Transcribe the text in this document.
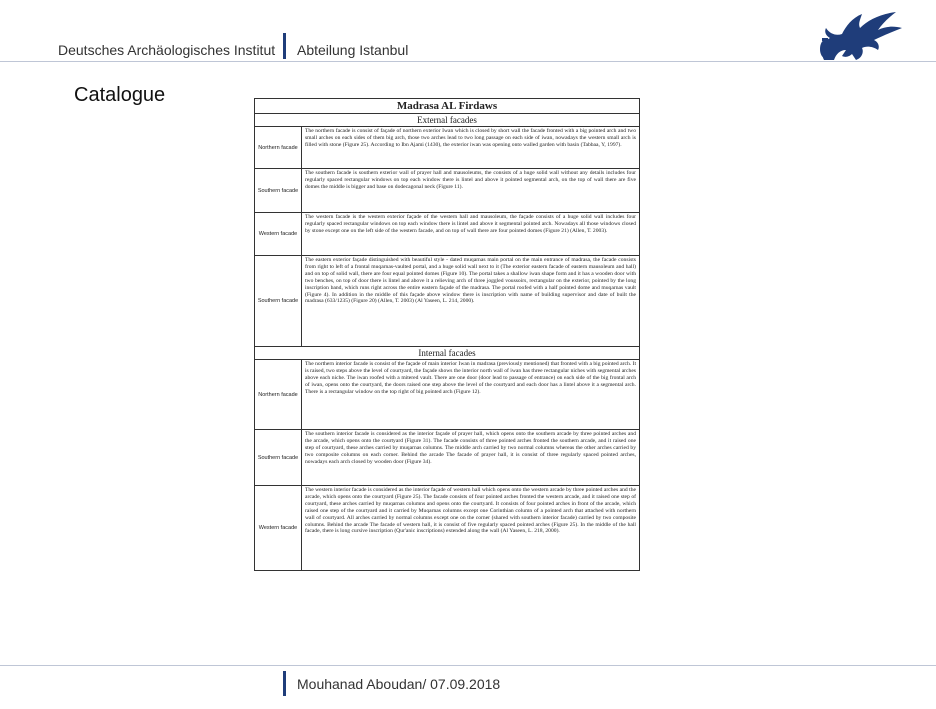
Deutsches Archäologisches Institut Abteilung Istanbul
Catalogue	Madrasa AL Firdaws
External facades
Northern facade
The northern facade is consist of façade of northern exterior Iwan which is closed by short wall the facade fronted with a big pointed arch and two small arches on each sides of them big arch, those two arches lead to two long passage on each side of iwan, nowadays the western small arch is filled with stone (Figure 25). According to Ibn Ajami (1430), the exterior iwan was opening onto walled garden with basin (Tabbaa, Y, 1997).
Southern facade
The southern facade is southern exterior wall of prayer hall and mausoleums, the consists of a huge solid wall without any details includes four regularly spaced rectangular windows on top each window there is lintel and above it pointed segmental arch, on the top of wall there are five domes the middle is bigger and base on dodecagonal neck (Figure 11).
Western facade
The western facade is the western exterior façade of the western hall and mausoleum, the façade consists of a huge solid wall includes four regularly spaced rectangular windows on top each window there is lintel and above it segmental pointed arch. Nowadays all those windows closed by stone except one on the left side of the western facade, and on top of wall there are four pointed domes (Figure 21) (Allen, T. 2003).
Southern facade
The eastern exterior façade distinguished with beautiful style - dated muqarnas main portal on the main entrance of madrasa, the facade consists from right to left of a frontal muqarnas-vaulted portal, and a huge solid wall next to it (The exterior eastern facade of eastern mausoleum and hall) and on top of solid wall, there are four equal pointed domes (Figure 10). The portal takes a shallow iwan shape form and it has a wooden door with two benches, on top of door there is lintel and above it a relieving arch of three joggled voussoirs, rectangular on the exterior, pointed by the long inscription band, which runs right across the entire eastern façade of the madrasa. The portal roofed with a half pointed dome and muqarnas vault (Figure 4). In addition in the middle of this façade above window there is inscription with name of building supervisor and date of built the madrasa (633/1235) (Figure 20) (Allen, T. 2003) (Al Yaseen, L. 214, 2000).
Internal facades
Northern facade
The northern interior facade is consist of the façade of main interior Iwan in madrasa (previously mentioned) that fronted with a big pointed arch. It is raised, two steps above the level of courtyard, the façade shows the interior north wall of iwan has three rectangular niches with segmental arches above each niche. The iwan roofed with a mitered vault. There are one door (door lead to passage of entrance) on each side of the big frontal arch of iwan, opens onto the courtyard, the doors raised one step above the level of the courtyard and each door has a lintel above it a segmental arch. There is a rectangular window on the top right of big pointed arch (Figure 12).
Southern facade
The southern interior facade is considered as the interior façade of prayer hall, which opens onto the southern arcade by three pointed arches and the arcade, which opens onto the courtyard (Figure 31). The facade consists of three pointed arches fronted the southern arcade, and it raised one step of courtyard, these arches carried by muqarnas columns. The middle arch carried by two normal columns whereas the other arches carried by two composite columns on each corner. Behind the arcade The facade of prayer hall, it is consist of three regularly spaced pointed arches, nowadays each arch closed by wooden door (Figure 34).
Western facade
The western interior facade is considered as the interior façade of western hall which opens onto the western arcade by three pointed arches and the arcade, which opens onto the courtyard (Figure 25). The facade consists of four pointed arches fronted the western arcade, and it raised one step of courtyard, these arches carried by muqarnas columns and opens onto the courtyard. It consists of four pointed arches in front of the arcade, which raised one step of the courtyard and it carried by Muqarnas columns except one Corinthian column of a pointed arch that attached with northern wall of courtyard. All arches carried by normal columns except one on the corner (shared with southern interior facade) carried by two composite columns. Behind the arcade The facade of western hall, it is consist of five regularly spaced pointed arches (Figure 25). In the middle of the hall facade, there is long cursive inscription (Qur'anic inscriptions) extended along the wall (Al Yaseen, L. 218, 2000).
Mouhanad Aboudan/ 07.09.2018
